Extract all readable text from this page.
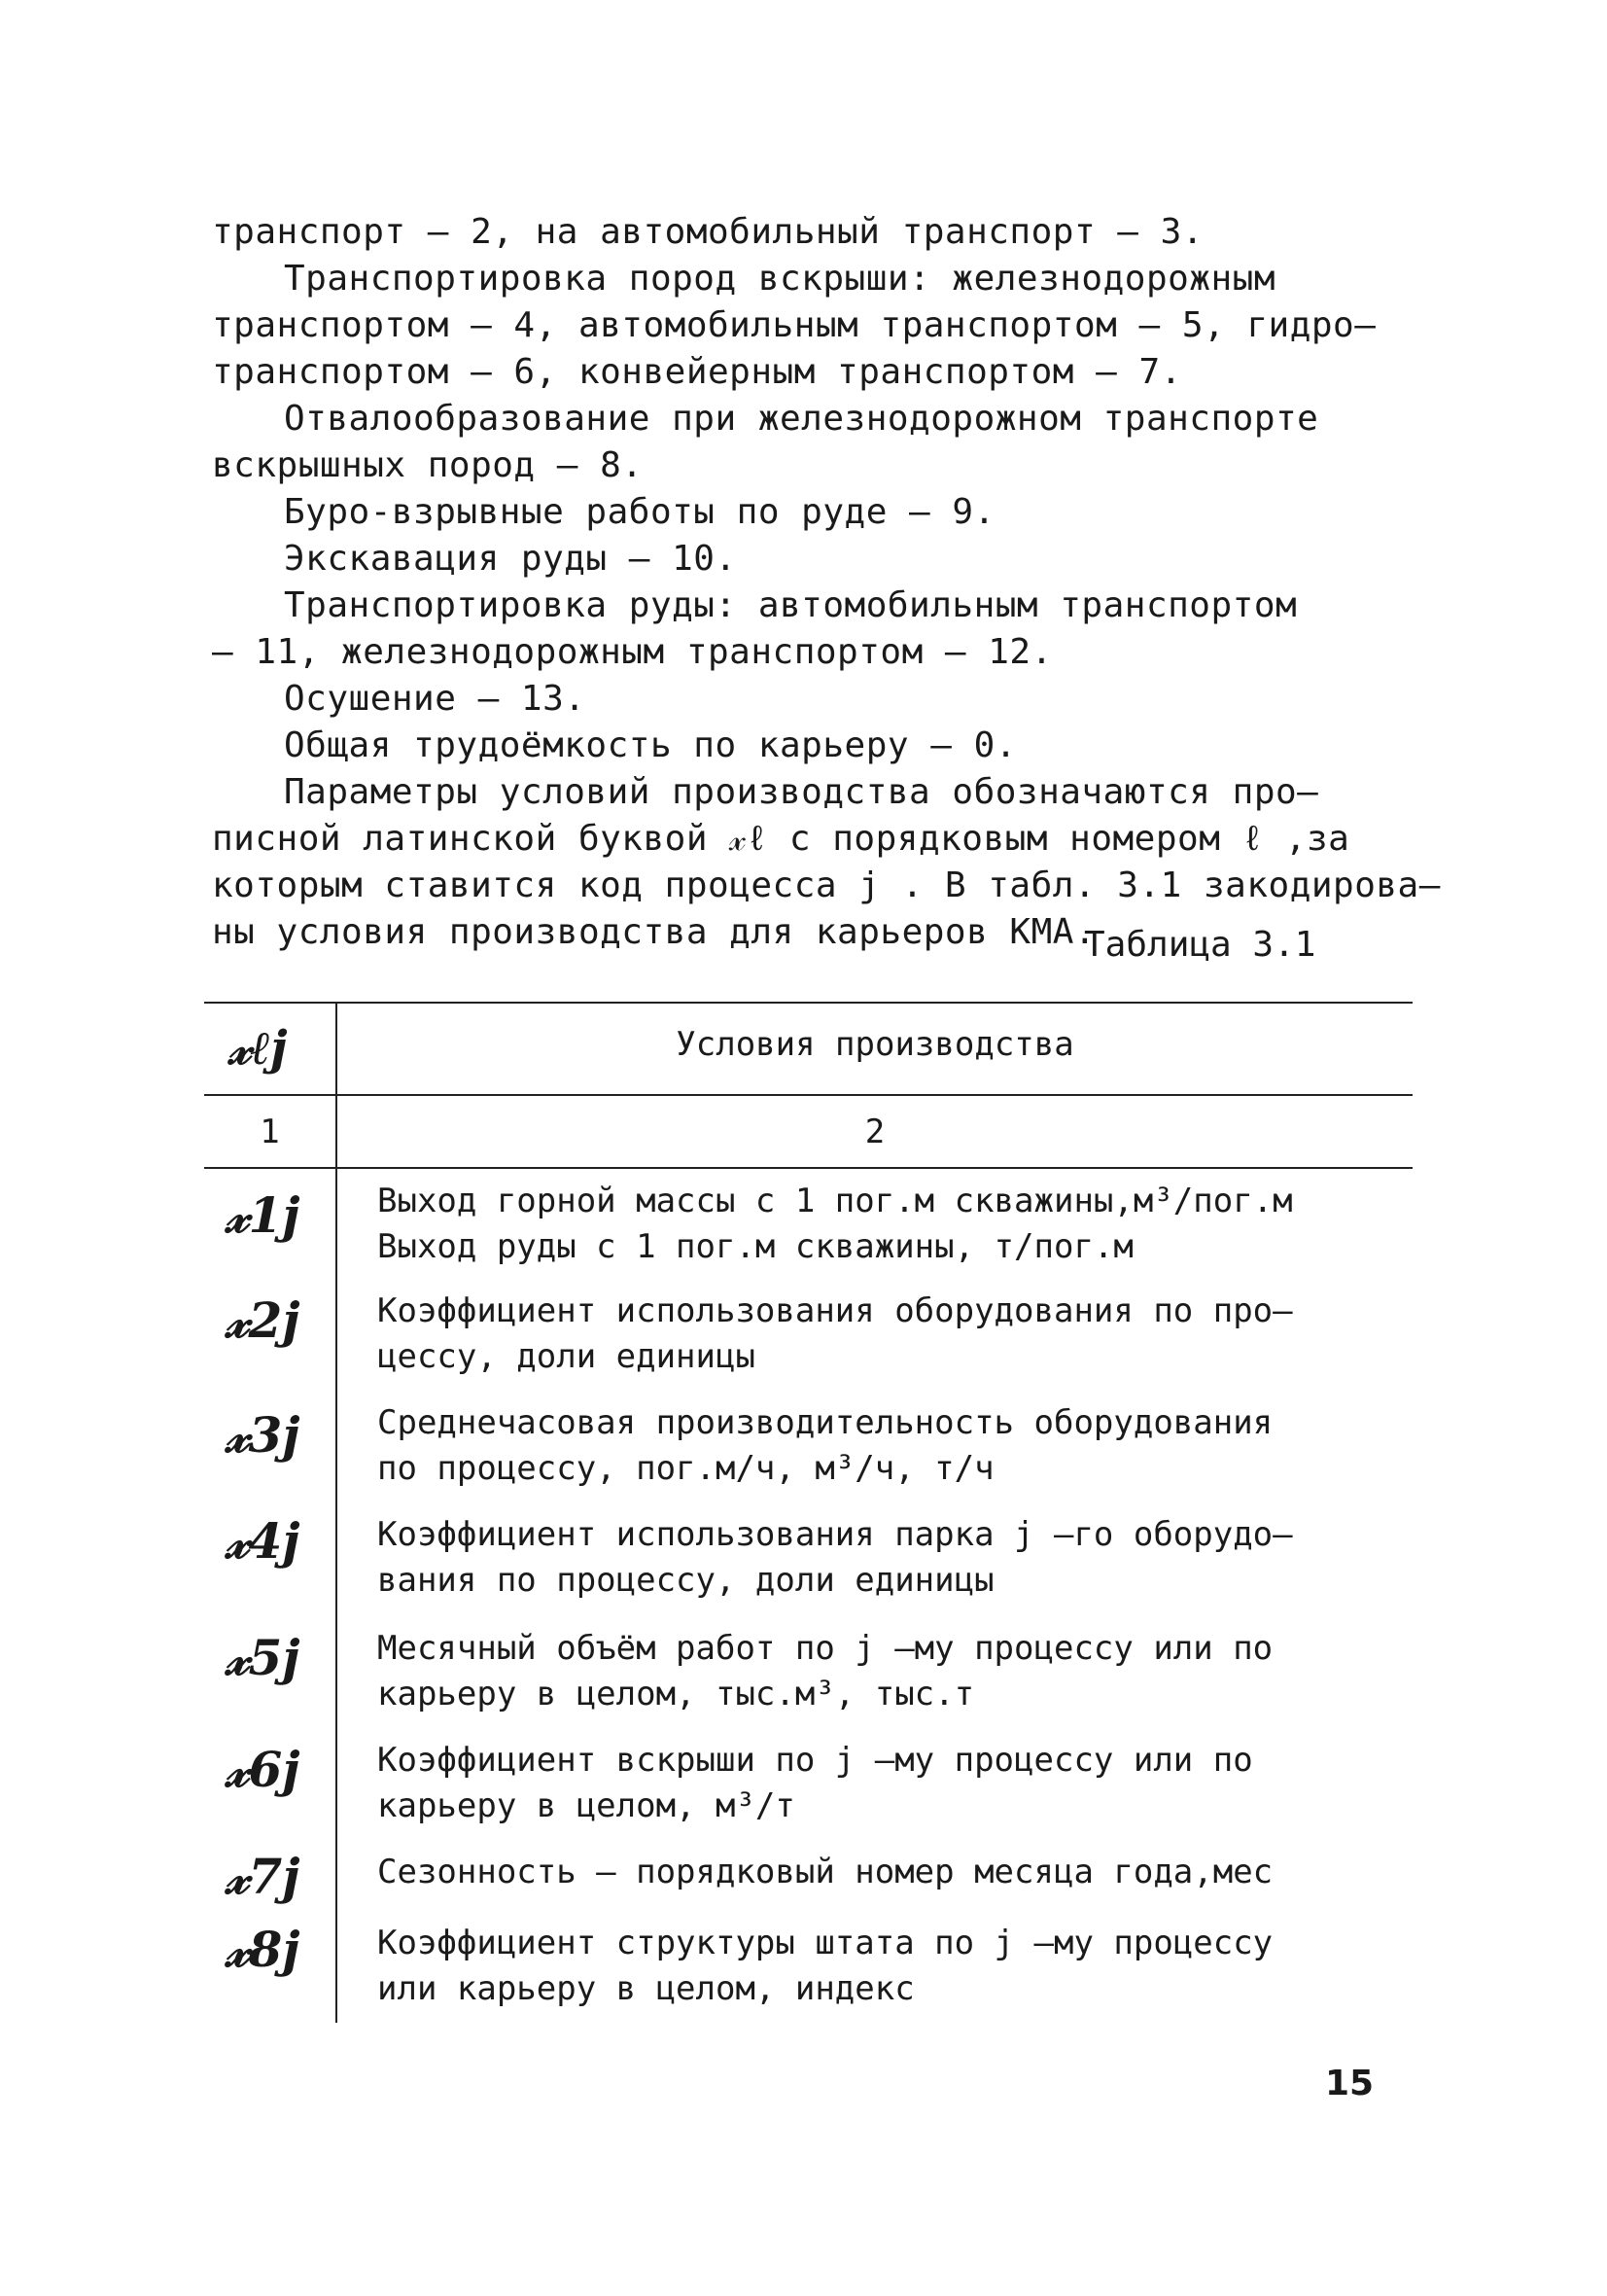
транспорт – 2, на автомобильный транспорт – 3.
Транспортировка пород вскрыши: железнодорожным
транспортом – 4, автомобильным транспортом – 5, гидро–
транспортом – 6, конвейерным транспортом – 7.
Отвалообразование при железнодорожном транспорте
вскрышных пород – 8.
Буро-взрывные работы по руде – 9.
Экскавация руды – 10.
Транспортировка руды: автомобильным транспортом
– 11, железнодорожным транспортом – 12.
Осушение – 13.
Общая трудоёмкость по карьеру – 0.
Параметры условий производства обозначаются про–
писной латинской буквой 𝓍ℓ с порядковым номером ℓ ,за
которым ставится код процесса j . В табл. 3.1 закодирова–
ны условия производства для карьеров КМА.
Таблица 3.1
𝓍ℓj	Условия производства
1	2
𝓍1j Выход горной массы с 1 пог.м скважины,м³/пог.м
Выход руды с 1 пог.м скважины, т/пог.м
𝓍2j Коэффициент использования оборудования по про–
цессу, доли единицы
𝓍3j Среднечасовая производительность оборудования
по процессу, пог.м/ч, м³/ч, т/ч
𝓍4j Коэффициент использования парка j –го оборудо–
вания по процессу, доли единицы
𝓍5j Месячный объём работ по j –му процессу или по
карьеру в целом, тыс.м³, тыс.т
𝓍6j Коэффициент вскрыши по j –му процессу или по
карьеру в целом, м³/т
𝓍7j Сезонность – порядковый номер месяца года,мес
𝓍8j Коэффициент структуры штата по j –му процессу
или карьеру в целом, индекс
15
